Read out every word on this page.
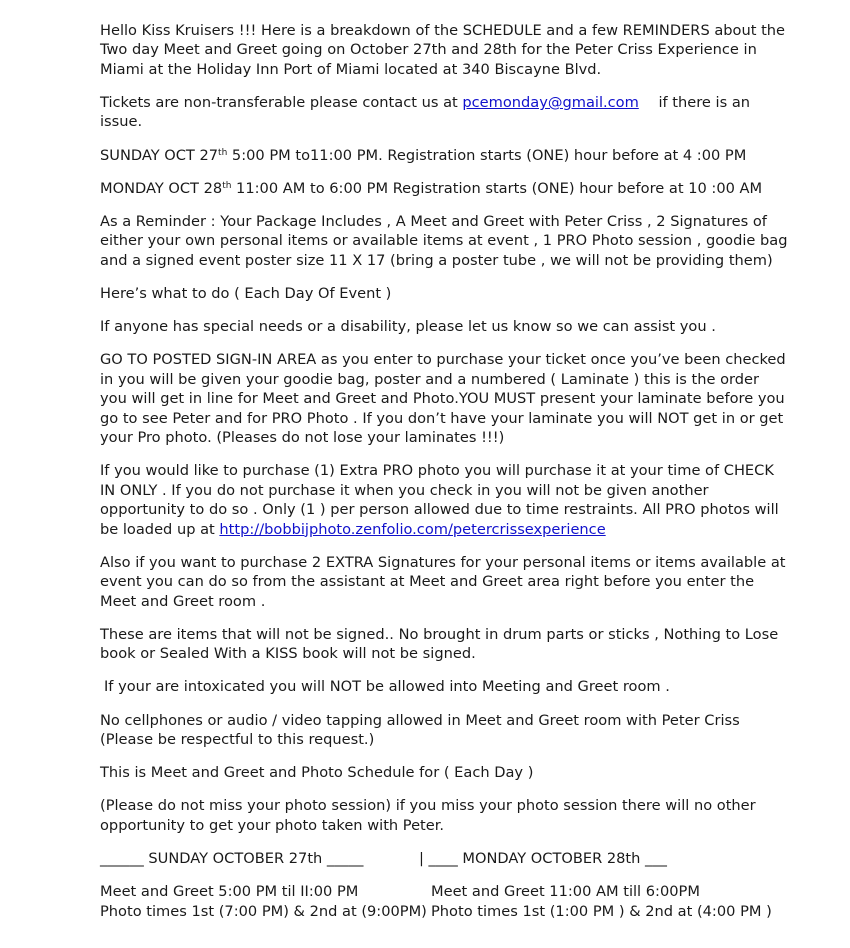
Hello Kiss Kruisers !!! Here is a breakdown of the SCHEDULE and a few REMINDERS about the Two day Meet and Greet going on October 27th and 28th for the Peter Criss Experience in Miami at the Holiday Inn Port of Miami located at 340 Biscayne Blvd.

Tickets are non-transferable please contact us at pcemonday@gmail.com if there is an issue.

SUNDAY OCT 27th 5:00 PM to11:00 PM. Registration starts (ONE) hour before at 4 :00 PM

MONDAY OCT 28th 11:00 AM to 6:00 PM Registration starts (ONE) hour before at 10 :00 AM

As a Reminder : Your Package Includes , A Meet and Greet with Peter Criss , 2 Signatures of either your own personal items or available items at event , 1 PRO Photo session , goodie bag and a signed event poster size 11 X 17 (bring a poster tube , we will not be providing them)

Here’s what to do ( Each Day Of Event )

If anyone has special needs or a disability, please let us know so we can assist you .

GO TO POSTED SIGN-IN AREA as you enter to purchase your ticket once you’ve been checked in you will be given your goodie bag, poster and a numbered ( Laminate ) this is the order you will get in line for Meet and Greet and Photo.YOU MUST present your laminate before you go to see Peter and for PRO Photo . If you don’t have your laminate you will NOT get in or get your Pro photo. (Pleases do not lose your laminates !!!)

If you would like to purchase (1) Extra PRO photo you will purchase it at your time of CHECK IN ONLY . If you do not purchase it when you check in you will not be given another opportunity to do so . Only (1 ) per person allowed due to time restraints. All PRO photos will be loaded up at http://bobbijphoto.zenfolio.com/petercrissexperience

Also if you want to purchase 2 EXTRA Signatures for your personal items or items available at event you can do so from the assistant at Meet and Greet area right before you enter the Meet and Greet room .

These are items that will not be signed.. No brought in drum parts or sticks , Nothing to Lose book or Sealed With a KISS book will not be signed.

If your are intoxicated you will NOT be allowed into Meeting and Greet room .

No cellphones or audio / video tapping allowed in Meet and Greet room with Peter Criss (Please be respectful to this request.)

This is Meet and Greet and Photo Schedule for ( Each Day )

(Please do not miss your photo session) if you miss your photo session there will no other opportunity to get your photo taken with Peter.

______ SUNDAY OCTOBER 27th _____	| ____ MONDAY OCTOBER 28th ___
Meet and Greet 5:00 PM til II:00 PM	Meet and Greet 11:00 AM till 6:00PM
Photo times 1st (7:00 PM) & 2nd at (9:00PM) Photo times 1st (1:00 PM ) & 2nd at (4:00 PM )
